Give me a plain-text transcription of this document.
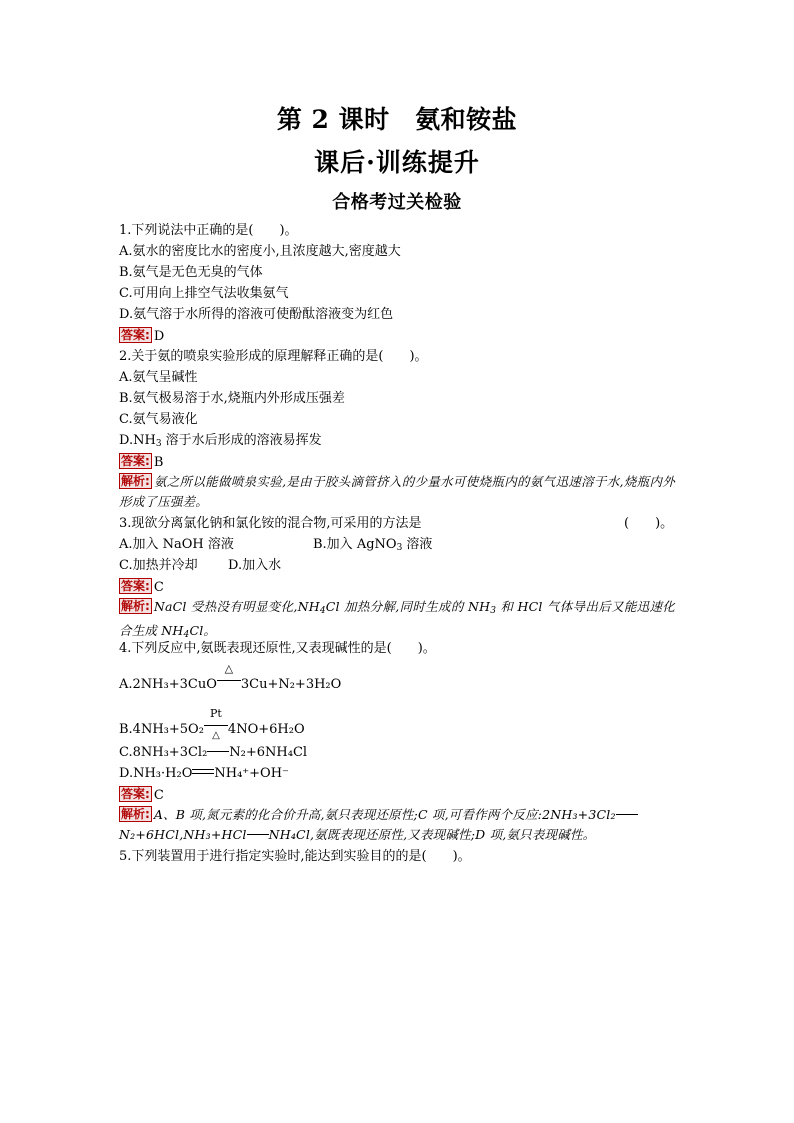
第 2 课时　氨和铵盐
课后·训练提升
合格考过关检验
1.下列说法中正确的是(　　)。
A.氨水的密度比水的密度小,且浓度越大,密度越大
B.氨气是无色无臭的气体
C.可用向上排空气法收集氨气
D.氨气溶于水所得的溶液可使酚酞溶液变为红色
答案: D
2.关于氨的喷泉实验形成的原理解释正确的是(　　)。
A.氨气呈碱性
B.氨气极易溶于水,烧瓶内外形成压强差
C.氨气易液化
$D.NH_3$ 溶于水后形成的溶液易挥发
答案: B
解析: 氨之所以能做喷泉实验,是由于胶头滴管挤入的少量水可使烧瓶内的氨气迅速溶于水,烧瓶内外形成了压强差。
3.现欲分离氯化钠和氯化铵的混合物,可采用的方法是	(　　)。
A.加入 NaOH 溶液	B.加入 AgNO$_3$ 溶液
C.加热并冷却 D.加入水
答案: C
解析: NaCl 受热没有明显变化$,NH_4Cl$ 加热分解,同时生成的 $NH_3$ 和 HCl 气体导出后又能迅速化合生成 $NH_4Cl$。
4.下列反应中,氨既表现还原性,又表现碱性的是(　　)。
A.2NH₃+3CuO
△
3Cu+N₂+3H₂O
B.4NH₃+5O₂
Pt
△ 4NO+6H₂O
C.8NH₃+3Cl₂ N₂+6NH₄Cl
D.NH₃·H₂O NH₄⁺+OH⁻
答案: C
解析: A、B 项,氮元素的化合价升高,氨只表现还原性;C 项,可看作两个反应:2NH₃+3Cl₂
N₂+6HCl,NH₃+HCl NH₄Cl,氨既表现还原性,又表现碱性;D 项,氨只表现碱性。
5.下列装置用于进行指定实验时,能达到实验目的的是(　　)。
